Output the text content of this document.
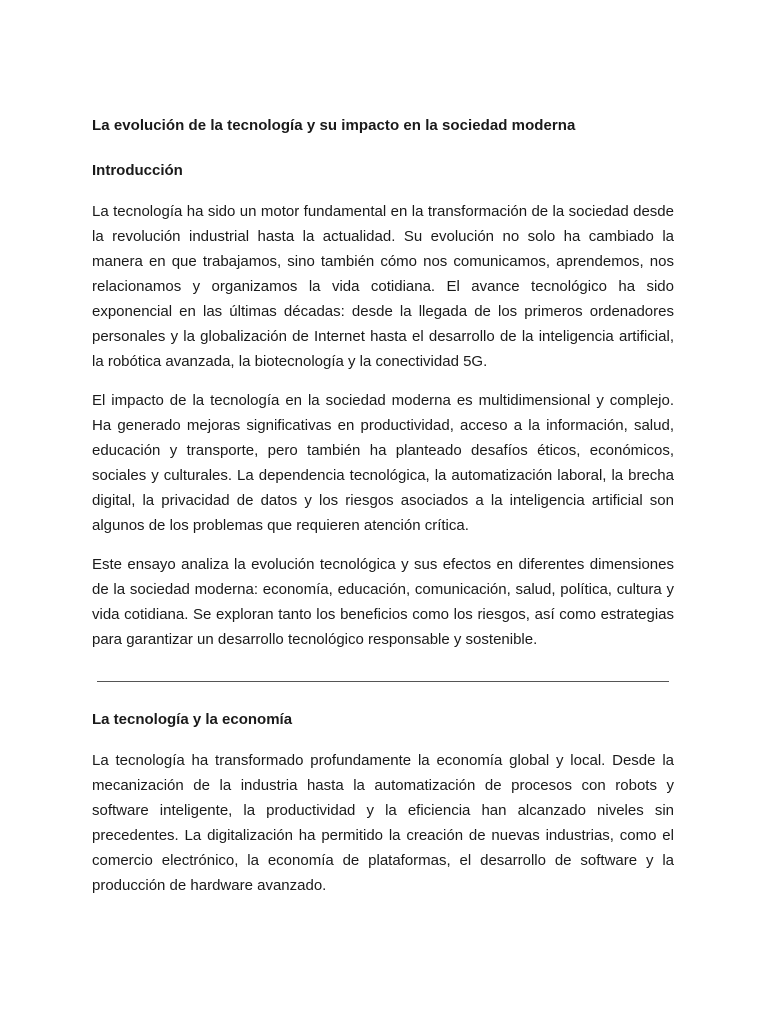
La evolución de la tecnología y su impacto en la sociedad moderna
Introducción

La tecnología ha sido un motor fundamental en la transformación de la sociedad desde la revolución industrial hasta la actualidad. Su evolución no solo ha cambiado la manera en que trabajamos, sino también cómo nos comunicamos, aprendemos, nos relacionamos y organizamos la vida cotidiana. El avance tecnológico ha sido exponencial en las últimas décadas: desde la llegada de los primeros ordenadores personales y la globalización de Internet hasta el desarrollo de la inteligencia artificial, la robótica avanzada, la biotecnología y la conectividad 5G.

El impacto de la tecnología en la sociedad moderna es multidimensional y complejo. Ha generado mejoras significativas en productividad, acceso a la información, salud, educación y transporte, pero también ha planteado desafíos éticos, económicos, sociales y culturales. La dependencia tecnológica, la automatización laboral, la brecha digital, la privacidad de datos y los riesgos asociados a la inteligencia artificial son algunos de los problemas que requieren atención crítica.

Este ensayo analiza la evolución tecnológica y sus efectos en diferentes dimensiones de la sociedad moderna: economía, educación, comunicación, salud, política, cultura y vida cotidiana. Se exploran tanto los beneficios como los riesgos, así como estrategias para garantizar un desarrollo tecnológico responsable y sostenible.

La tecnología y la economía

La tecnología ha transformado profundamente la economía global y local. Desde la mecanización de la industria hasta la automatización de procesos con robots y software inteligente, la productividad y la eficiencia han alcanzado niveles sin precedentes. La digitalización ha permitido la creación de nuevas industrias, como el comercio electrónico, la economía de plataformas, el desarrollo de software y la producción de hardware avanzado.
